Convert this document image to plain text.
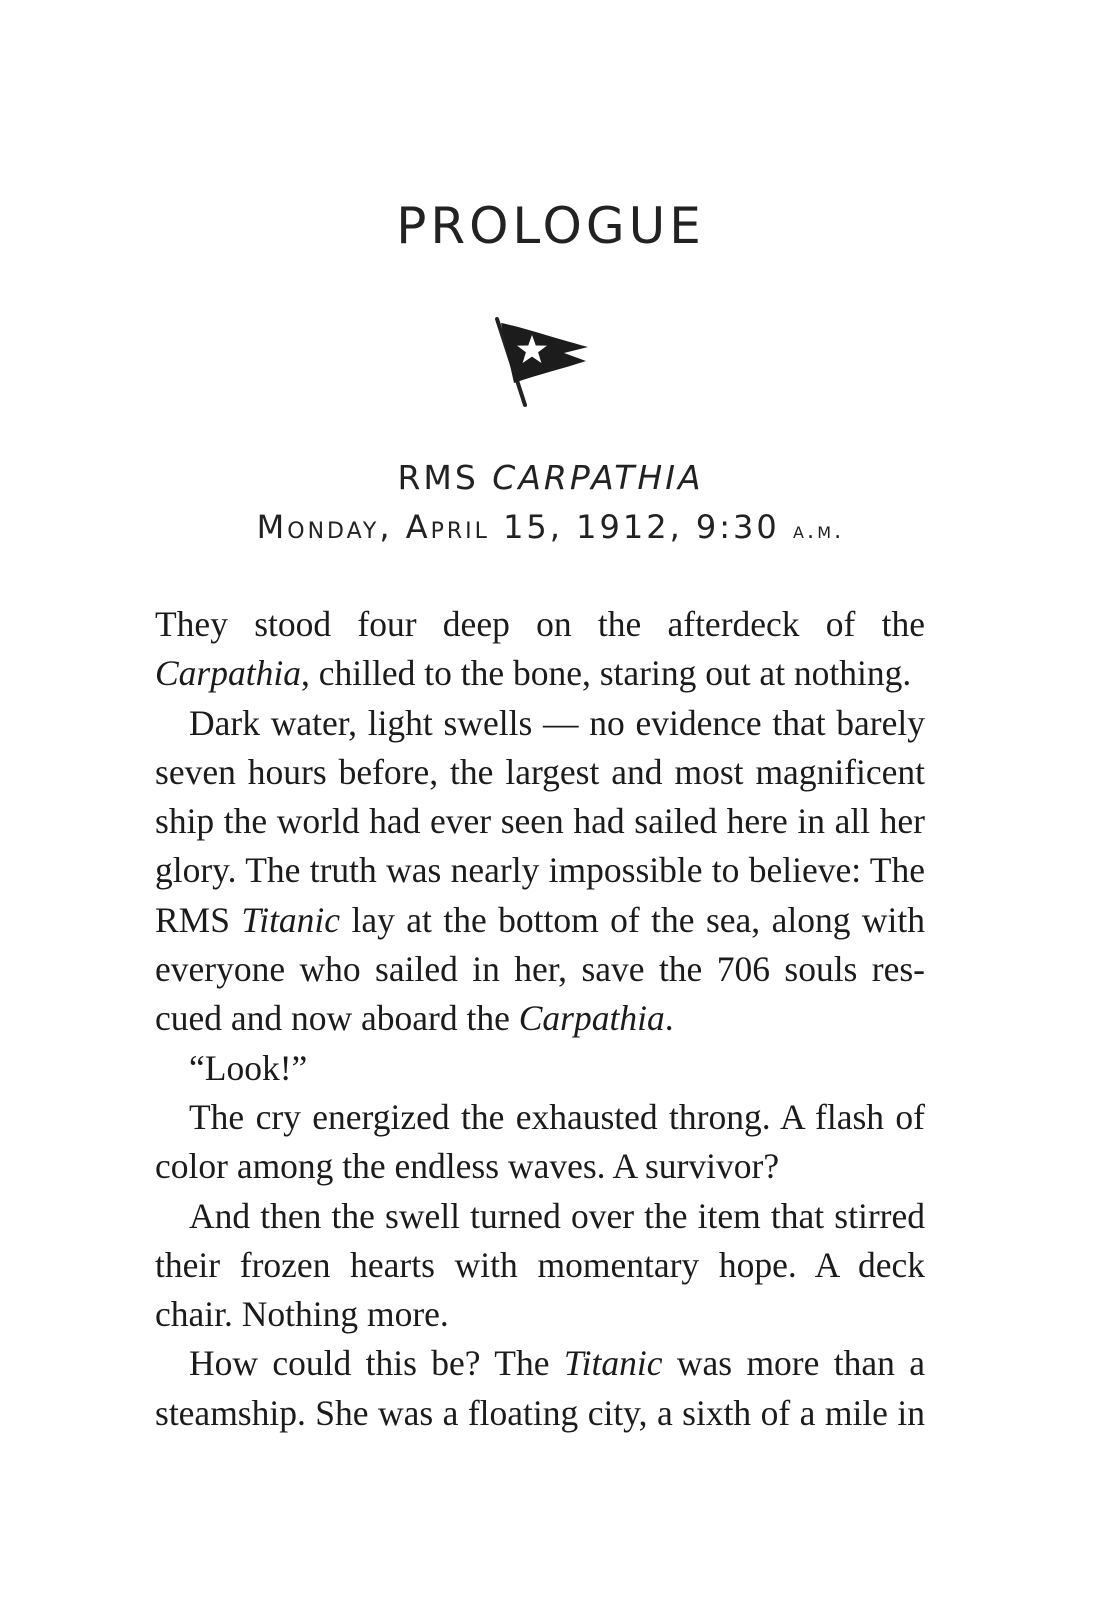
PROLOGUE
RMS CARPATHIA
Monday, April 15, 1912, 9:30 a.m.

They stood four deep on the afterdeck of the Carpathia, chilled to the bone, staring out at nothing.

Dark water, light swells — no evidence that barely seven hours before, the largest and most magnificent ship the world had ever seen had sailed here in all her glory. The truth was nearly impossible to believe: The RMS Titanic lay at the bottom of the sea, along with everyone who sailed in her, save the 706 souls res-cued and now aboard the Carpathia.

“Look!”

The cry energized the exhausted throng. A flash of color among the endless waves. A survivor?

And then the swell turned over the item that stirred their frozen hearts with momentary hope. A deck chair. Nothing more.

How could this be? The Titanic was more than a steamship. She was a floating city, a sixth of a mile in
